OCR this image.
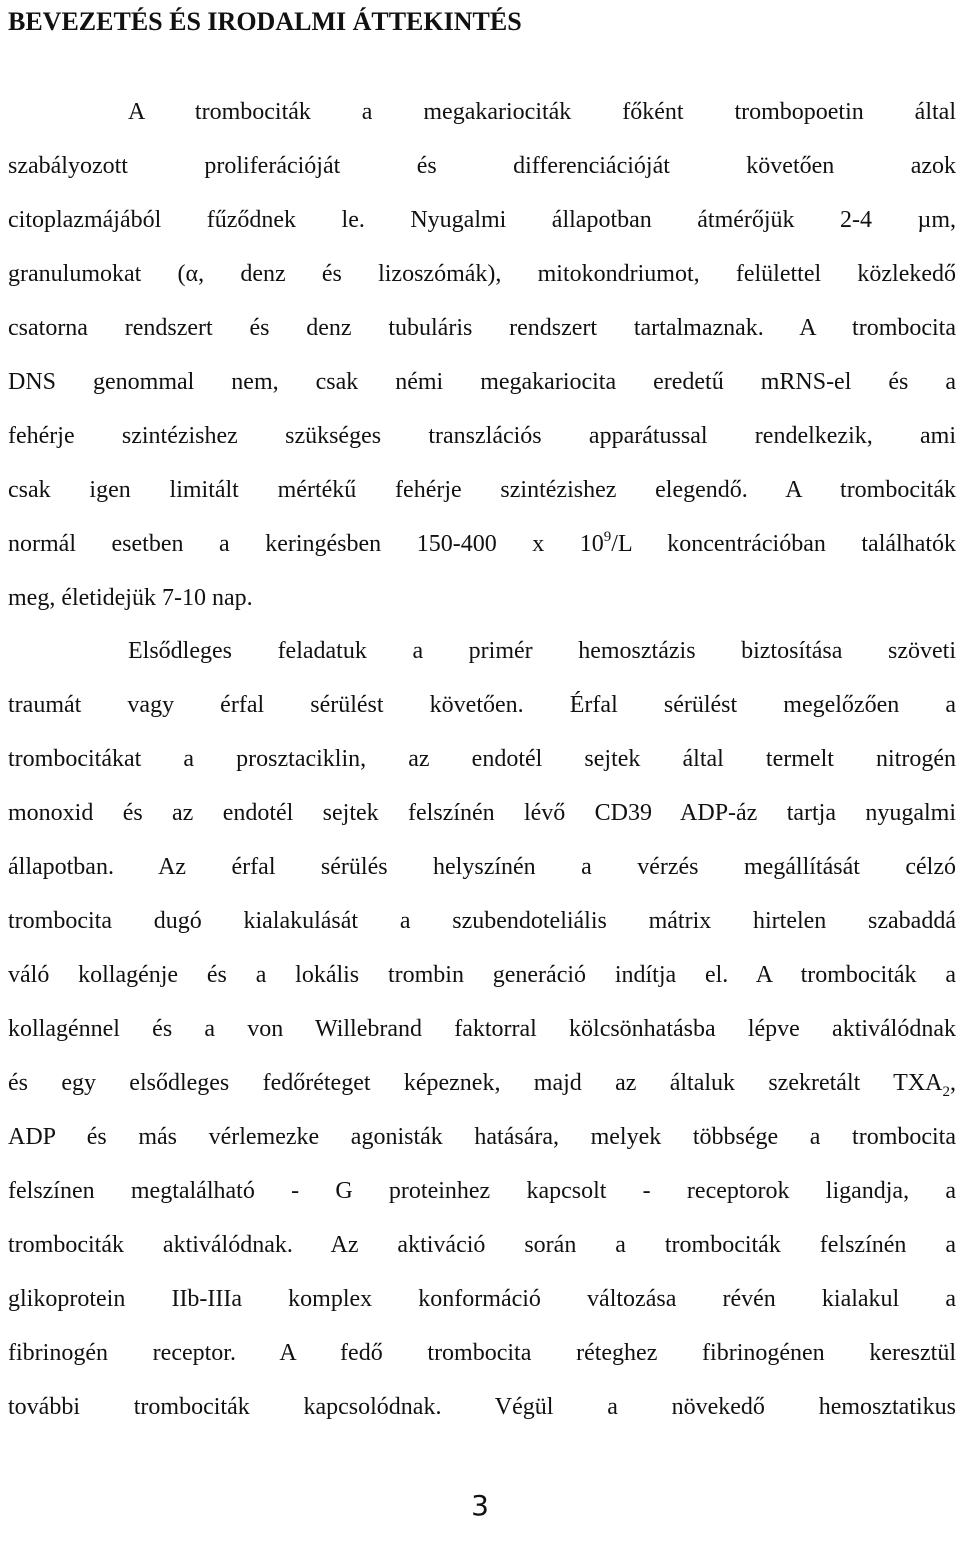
BEVEZETÉS ÉS IRODALMI ÁTTEKINTÉS

A trombociták a megakariociták főként trombopoetin által

szabályozott proliferációját és differenciációját követően azok

citoplazmájából fűződnek le. Nyugalmi állapotban átmérőjük 2-4 µm,

granulumokat (α, denz és lizoszómák), mitokondriumot, felülettel közlekedő

csatorna rendszert és denz tubuláris rendszert tartalmaznak. A trombocita

DNS genommal nem, csak némi megakariocita eredetű mRNS-el és a

fehérje szintézishez szükséges transzlációs apparátussal rendelkezik, ami

csak igen limitált mértékű fehérje szintézishez elegendő. A trombociták

normál esetben a keringésben 150-400 x $10^9/L$ koncentrációban találhatók

meg, életidejük 7-10 nap.

Elsődleges feladatuk a primér hemosztázis biztosítása szöveti

traumát vagy érfal sérülést követően. Érfal sérülést megelőzően a

trombocitákat a prosztaciklin, az endotél sejtek által termelt nitrogén

monoxid és az endotél sejtek felszínén lévő CD39 ADP-áz tartja nyugalmi

állapotban. Az érfal sérülés helyszínén a vérzés megállítását célzó

trombocita dugó kialakulását a szubendoteliális mátrix hirtelen szabaddá

váló kollagénje és a lokális trombin generáció indítja el. A trombociták a

kollagénnel és a von Willebrand faktorral kölcsönhatásba lépve aktiválódnak

és egy elsődleges fedőréteget képeznek, majd az általuk szekretált $TXA_2$,

ADP és más vérlemezke agonisták hatására, melyek többsége a trombocita

felszínen megtalálható - G proteinhez kapcsolt - receptorok ligandja, a

trombociták aktiválódnak. Az aktiváció során a trombociták felszínén a

glikoprotein IIb-IIIa komplex konformáció változása révén kialakul a

fibrinogén receptor. A fedő trombocita réteghez fibrinogénen keresztül

további trombociták kapcsolódnak. Végül a növekedő hemosztatikus

3
